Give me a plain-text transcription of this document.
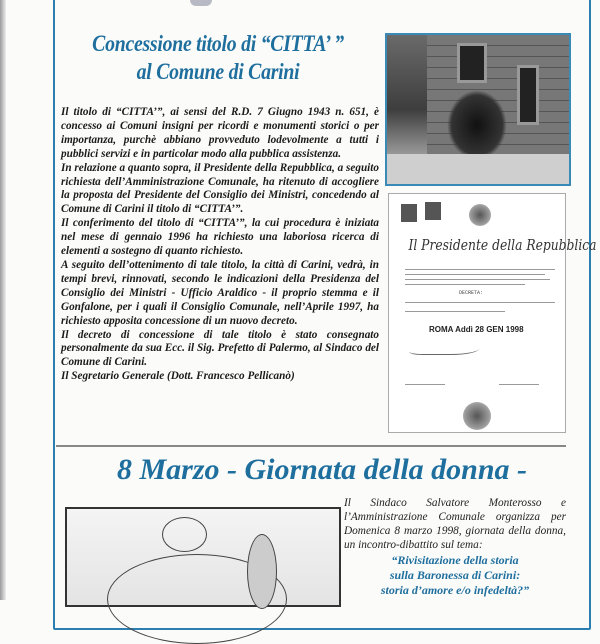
Concessione titolo di “CITTA’ ”
al Comune di Carini

Il titolo di “CITTA’”, ai sensi del R.D. 7 Giugno 1943 n. 651, è concesso ai Comuni insigni per ricordi e monumenti storici o per importanza, purchè abbiano provveduto lodevolmente a tutti i pubblici servizi e in particolar modo alla pubblica assistenza.

In relazione a quanto sopra, il Presidente della Repubblica, a seguito richiesta dell’Amministrazione Comunale, ha ritenuto di accogliere la proposta del Presidente del Consiglio dei Ministri, concedendo al Comune di Carini il titolo di “CITTA’”.

Il conferimento del titolo di “CITTA’”, la cui procedura è iniziata nel mese di gennaio 1996 ha richiesto una laboriosa ricerca di elementi a sostegno di quanto richiesto.

A seguito dell’ottenimento di tale titolo, la città di Carini, vedrà, in tempi brevi, rinnovati, secondo le indicazioni della Presidenza del Consiglio dei Ministri - Ufficio Araldico - il proprio stemma e il Gonfalone, per i quali il Consiglio Comunale, nell’Aprile 1997, ha richiesto apposita concessione di un nuovo decreto.

Il decreto di concessione di tale titolo è stato consegnato personalmente da sua Ecc. il Sig. Prefetto di Palermo, al Sindaco del Comune di Carini.

Il Segretario Generale (Dott. Francesco Pellicanò)

Il Presidente della Repubblica
DECRETA:
ROMA Addì 28 GEN 1998
8 Marzo - Giornata della donna -
Il Sindaco Salvatore Monterosso e l’Amministrazione Comunale organizza per Domenica 8 marzo 1998, giornata della donna, un incontro-dibattito sul tema:
“Rivisitazione della storia
sulla Baronessa di Carini:
storia d’amore e/o infedeltà?”
